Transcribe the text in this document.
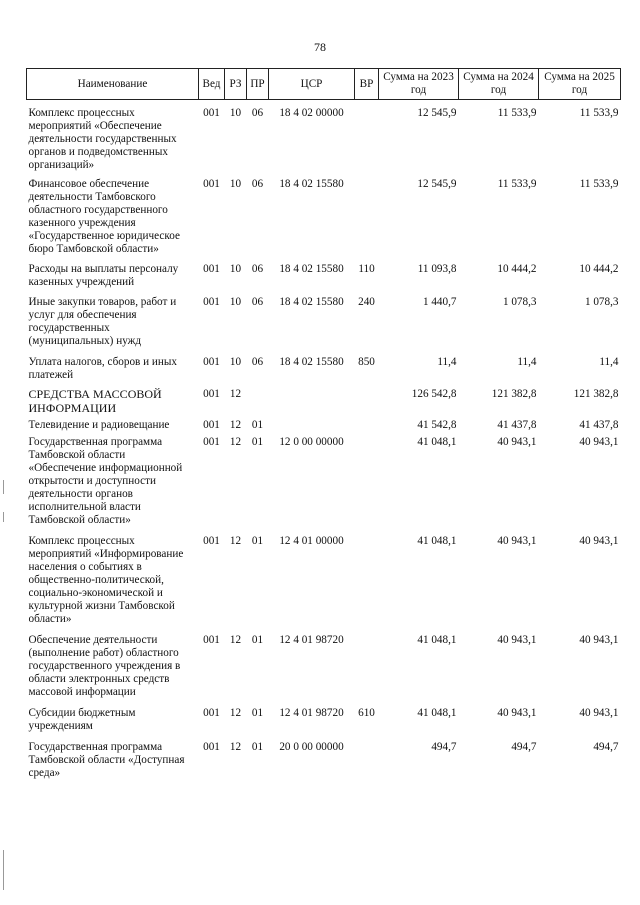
78
Наименование	Вед	РЗ	ПР	ЦСР	ВР	Сумма на 2023 год	Сумма на 2024 год	Сумма на 2025 год

Комплекс процессных мероприятий «Обеспечение деятельности государственных органов и подведомственных организаций»	001	10	06	18 4 02 00000		12 545,9	11 533,9	11 533,9

Финансовое обеспечение деятельности Тамбовского областного государственного казенного учреждения «Государственное юридическое бюро Тамбовской области»	001	10	06	18 4 02 15580		12 545,9	11 533,9	11 533,9

Расходы на выплаты персоналу казенных учреждений	001	10	06	18 4 02 15580	110	11 093,8	10 444,2	10 444,2

Иные закупки товаров, работ и услуг для обеспечения государственных (муниципальных) нужд	001	10	06	18 4 02 15580	240	1 440,7	1 078,3	1 078,3

Уплата налогов, сборов и иных платежей	001	10	06	18 4 02 15580	850	11,4	11,4	11,4

СРЕДСТВА МАССОВОЙ ИНФОРМАЦИИ	001	12				126 542,8	121 382,8	121 382,8

Телевидение и радиовещание	001	12	01			41 542,8	41 437,8	41 437,8

Государственная программа Тамбовской области «Обеспечение информационной открытости и доступности деятельности органов исполнительной власти Тамбовской области»	001	12	01	12 0 00 00000		41 048,1	40 943,1	40 943,1

Комплекс процессных мероприятий «Информирование населения о событиях в общественно-политической, социально-экономической и культурной жизни Тамбовской области»	001	12	01	12 4 01 00000		41 048,1	40 943,1	40 943,1

Обеспечение деятельности (выполнение работ) областного государственного учреждения в области электронных средств массовой информации	001	12	01	12 4 01 98720		41 048,1	40 943,1	40 943,1

Субсидии бюджетным учреждениям	001	12	01	12 4 01 98720	610	41 048,1	40 943,1	40 943,1

Государственная программа Тамбовской области «Доступная среда»	001	12	01	20 0 00 00000		494,7	494,7	494,7
